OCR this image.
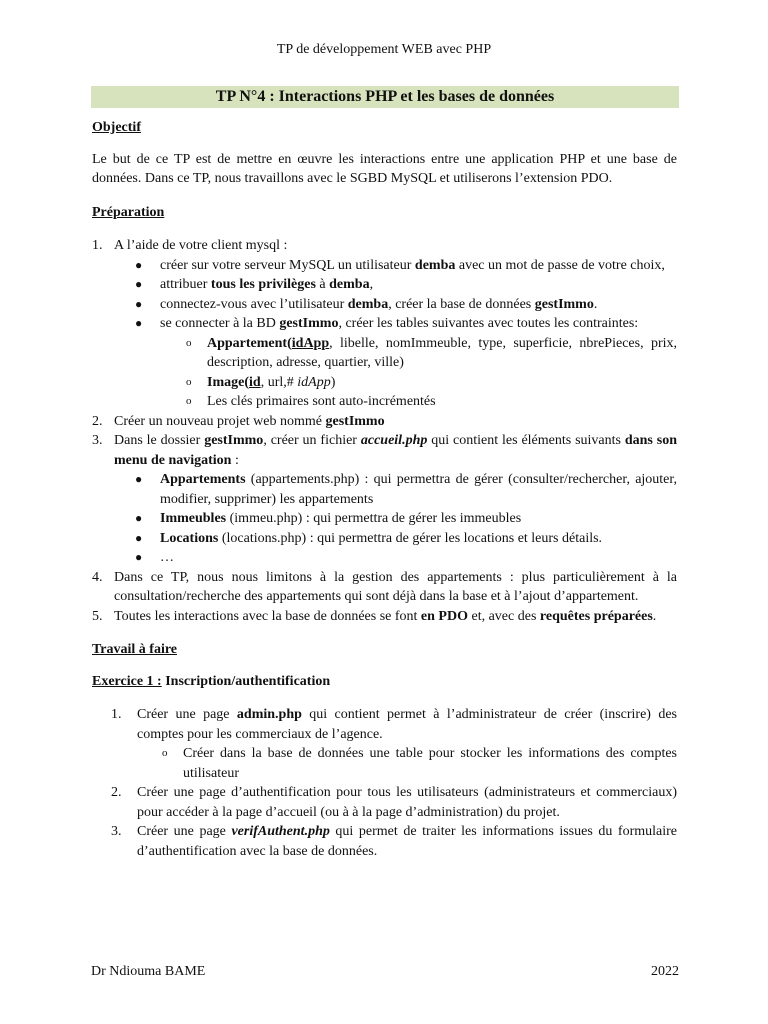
TP de développement WEB avec PHP
TP N°4 : Interactions PHP et les bases de données

Objectif

Le but de ce TP est de mettre en œuvre les interactions entre une application PHP et une base de données. Dans ce TP, nous travaillons avec le SGBD MySQL et utiliserons l’extension PDO.

Préparation

1. A l’aide de votre client mysql :
● créer sur votre serveur MySQL un utilisateur demba avec un mot de passe de votre choix,
● attribuer tous les privilèges à demba,
● connectez-vous avec l’utilisateur demba, créer la base de données gestImmo.
● se connecter à la BD gestImmo, créer les tables suivantes avec toutes les contraintes:
o Appartement(idApp, libelle, nomImmeuble, type, superficie, nbrePieces, prix, description, adresse, quartier, ville)
o Image(id, url,# idApp)
o Les clés primaires sont auto-incrémentés
2. Créer un nouveau projet web nommé gestImmo
3. Dans le dossier gestImmo, créer un fichier accueil.php qui contient les éléments suivants dans son menu de navigation :
● Appartements (appartements.php) : qui permettra de gérer (consulter/rechercher, ajouter, modifier, supprimer) les appartements
● Immeubles (immeu.php) : qui permettra de gérer les immeubles
● Locations (locations.php) : qui permettra de gérer les locations et leurs détails.
● …
4. Dans ce TP, nous nous limitons à la gestion des appartements : plus particulièrement à la consultation/recherche des appartements qui sont déjà dans la base et à l’ajout d’appartement.
5. Toutes les interactions avec la base de données se font en PDO et, avec des requêtes préparées.

Travail à faire

Exercice 1 : Inscription/authentification

1. Créer une page admin.php qui contient permet à l’administrateur de créer (inscrire) des comptes pour les commerciaux de l’agence.
o Créer dans la base de données une table pour stocker les informations des comptes utilisateur
2. Créer une page d’authentification pour tous les utilisateurs (administrateurs et commerciaux) pour accéder à la page d’accueil (ou à à la page d’administration) du projet.
3. Créer une page verifAuthent.php qui permet de traiter les informations issues du formulaire d’authentification avec la base de données.
Dr Ndiouma BAME	2022
